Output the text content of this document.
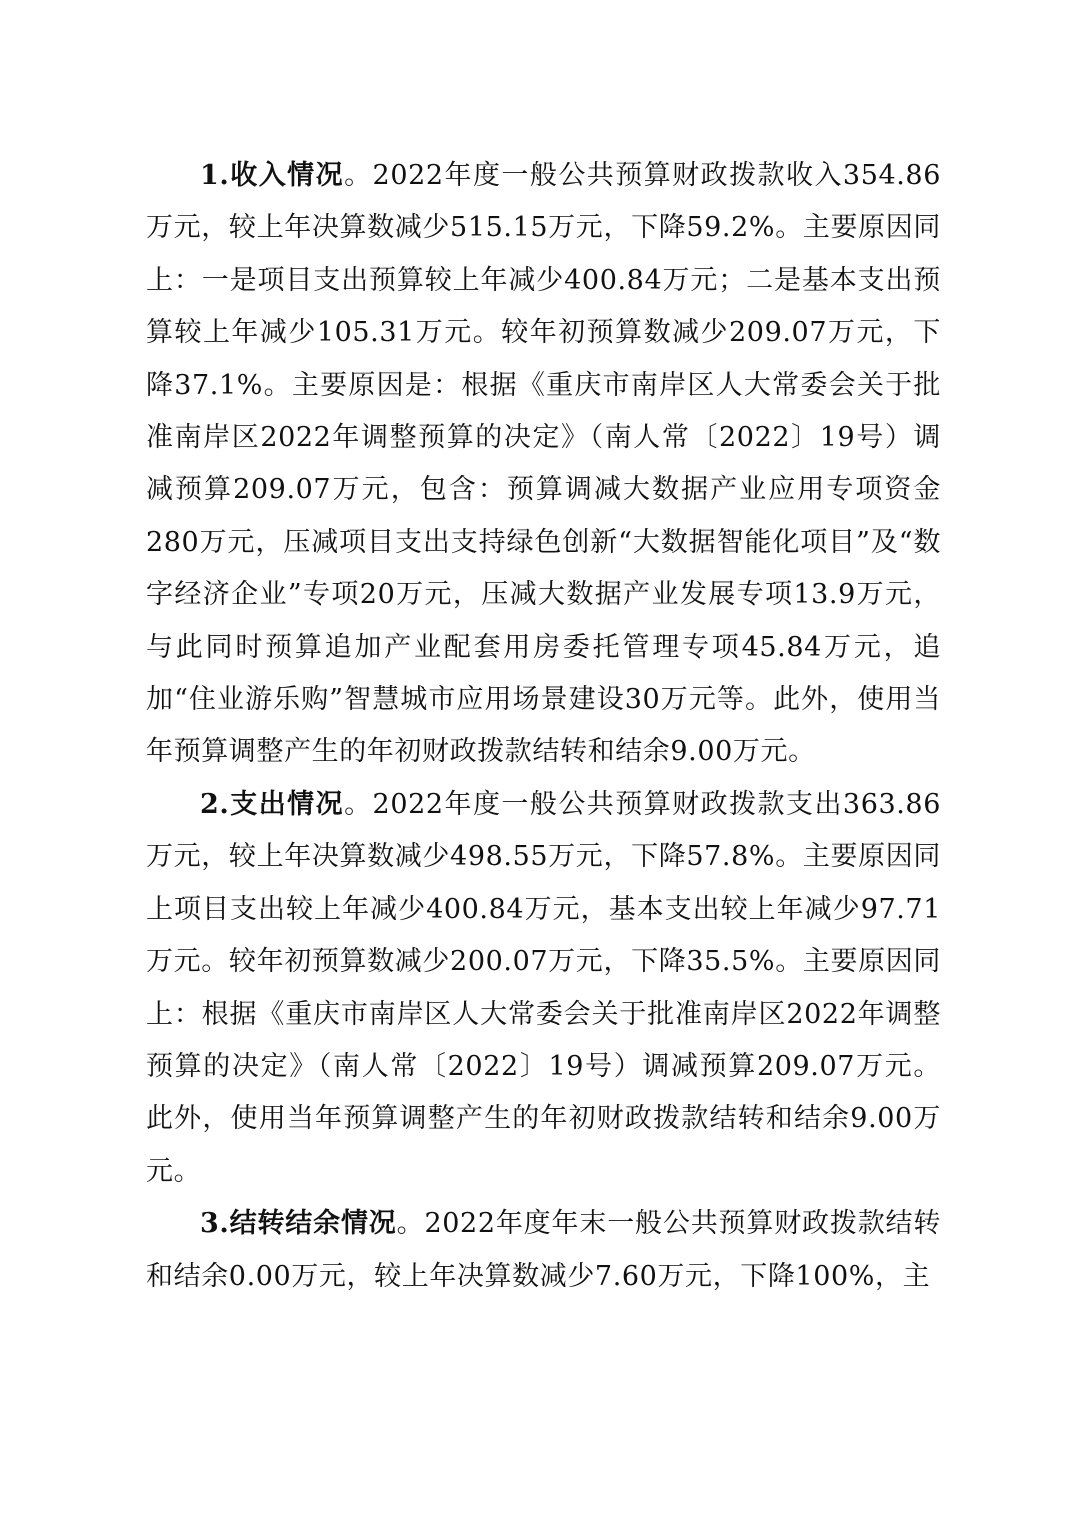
1.收入情况。2022年度一般公共预算财政拨款收入354.86万元，较上年决算数减少515.15万元，下降59.2%。主要原因同上：一是项目支出预算较上年减少400.84万元；二是基本支出预算较上年减少105.31万元。较年初预算数减少209.07万元，下降37.1%。主要原因是：根据《重庆市南岸区人大常委会关于批准南岸区2022年调整预算的决定》（南人常〔2022〕19号）调减预算209.07万元，包含：预算调减大数据产业应用专项资金280万元，压减项目支出支持绿色创新“大数据智能化项目”及“数字经济企业”专项20万元，压减大数据产业发展专项13.9万元，与此同时预算追加产业配套用房委托管理专项45.84万元，追加“住业游乐购”智慧城市应用场景建设30万元等。此外，使用当年预算调整产生的年初财政拨款结转和结余9.00万元。

2.支出情况。2022年度一般公共预算财政拨款支出363.86万元，较上年决算数减少498.55万元，下降57.8%。主要原因同上项目支出较上年减少400.84万元，基本支出较上年减少97.71万元。较年初预算数减少200.07万元，下降35.5%。主要原因同上：根据《重庆市南岸区人大常委会关于批准南岸区2022年调整预算的决定》（南人常〔2022〕19号）调减预算209.07万元。此外，使用当年预算调整产生的年初财政拨款结转和结余9.00万元。

3.结转结余情况。2022年度年末一般公共预算财政拨款结转和结余0.00万元，较上年决算数减少7.60万元，下降100%，主
